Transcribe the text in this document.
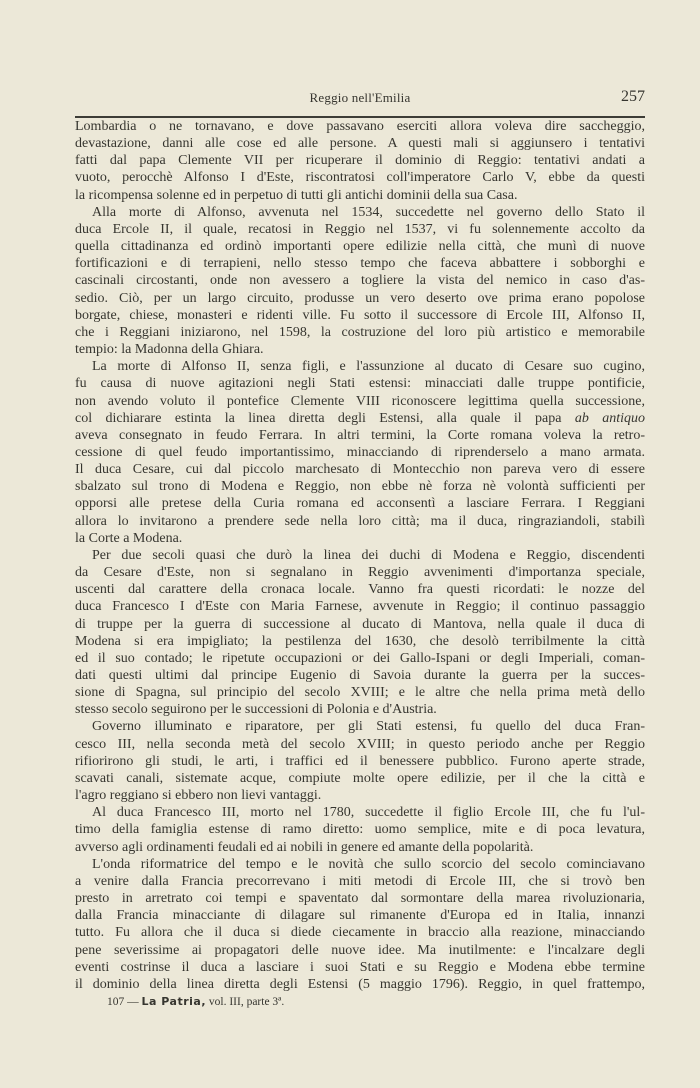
Reggio nell'Emilia	257
Lombardia o ne tornavano, e dove passavano eserciti allora voleva dire saccheggio,
devastazione, danni alle cose ed alle persone. A questi mali si aggiunsero i tentativi
fatti dal papa Clemente VII per ricuperare il dominio di Reggio: tentativi andati a
vuoto, perocchè Alfonso I d'Este, riscontratosi coll'imperatore Carlo V, ebbe da questi
la ricompensa solenne ed in perpetuo di tutti gli antichi dominii della sua Casa.
Alla morte di Alfonso, avvenuta nel 1534, succedette nel governo dello Stato il
duca Ercole II, il quale, recatosi in Reggio nel 1537, vi fu solennemente accolto da
quella cittadinanza ed ordinò importanti opere edilizie nella città, che munì di nuove
fortificazioni e di terrapieni, nello stesso tempo che faceva abbattere i sobborghi e
cascinali circostanti, onde non avessero a togliere la vista del nemico in caso d'as-
sedio. Ciò, per un largo circuito, produsse un vero deserto ove prima erano popolose
borgate, chiese, monasteri e ridenti ville. Fu sotto il successore di Ercole III, Alfonso II,
che i Reggiani iniziarono, nel 1598, la costruzione del loro più artistico e memorabile
tempio: la Madonna della Ghiara.
La morte di Alfonso II, senza figli, e l'assunzione al ducato di Cesare suo cugino,
fu causa di nuove agitazioni negli Stati estensi: minacciati dalle truppe pontificie,
non avendo voluto il pontefice Clemente VIII riconoscere legittima quella successione,
col dichiarare estinta la linea diretta degli Estensi, alla quale il papa ab antiquo
aveva consegnato in feudo Ferrara. In altri termini, la Corte romana voleva la retro-
cessione di quel feudo importantissimo, minacciando di riprenderselo a mano armata.
Il duca Cesare, cui dal piccolo marchesato di Montecchio non pareva vero di essere
sbalzato sul trono di Modena e Reggio, non ebbe nè forza nè volontà sufficienti per
opporsi alle pretese della Curia romana ed acconsentì a lasciare Ferrara. I Reggiani
allora lo invitarono a prendere sede nella loro città; ma il duca, ringraziandoli, stabilì
la Corte a Modena.
Per due secoli quasi che durò la linea dei duchi di Modena e Reggio, discendenti
da Cesare d'Este, non si segnalano in Reggio avvenimenti d'importanza speciale,
uscenti dal carattere della cronaca locale. Vanno fra questi ricordati: le nozze del
duca Francesco I d'Este con Maria Farnese, avvenute in Reggio; il continuo passaggio
di truppe per la guerra di successione al ducato di Mantova, nella quale il duca di
Modena si era impigliato; la pestilenza del 1630, che desolò terribilmente la città
ed il suo contado; le ripetute occupazioni or dei Gallo-Ispani or degli Imperiali, coman-
dati questi ultimi dal principe Eugenio di Savoia durante la guerra per la succes-
sione di Spagna, sul principio del secolo XVIII; e le altre che nella prima metà dello
stesso secolo seguirono per le successioni di Polonia e d'Austria.
Governo illuminato e riparatore, per gli Stati estensi, fu quello del duca Fran-
cesco III, nella seconda metà del secolo XVIII; in questo periodo anche per Reggio
rifiorirono gli studi, le arti, i traffici ed il benessere pubblico. Furono aperte strade,
scavati canali, sistemate acque, compiute molte opere edilizie, per il che la città e
l'agro reggiano si ebbero non lievi vantaggi.
Al duca Francesco III, morto nel 1780, succedette il figlio Ercole III, che fu l'ul-
timo della famiglia estense di ramo diretto: uomo semplice, mite e di poca levatura,
avverso agli ordinamenti feudali ed ai nobili in genere ed amante della popolarità.
L'onda riformatrice del tempo e le novità che sullo scorcio del secolo cominciavano
a venire dalla Francia precorrevano i miti metodi di Ercole III, che si trovò ben
presto in arretrato coi tempi e spaventato dal sormontare della marea rivoluzionaria,
dalla Francia minacciante di dilagare sul rimanente d'Europa ed in Italia, innanzi
tutto. Fu allora che il duca si diede ciecamente in braccio alla reazione, minacciando
pene severissime ai propagatori delle nuove idee. Ma inutilmente: e l'incalzare degli
eventi costrinse il duca a lasciare i suoi Stati e su Reggio e Modena ebbe termine
il dominio della linea diretta degli Estensi (5 maggio 1796). Reggio, in quel frattempo,
107 — La Patria, vol. III, parte 3ª.
